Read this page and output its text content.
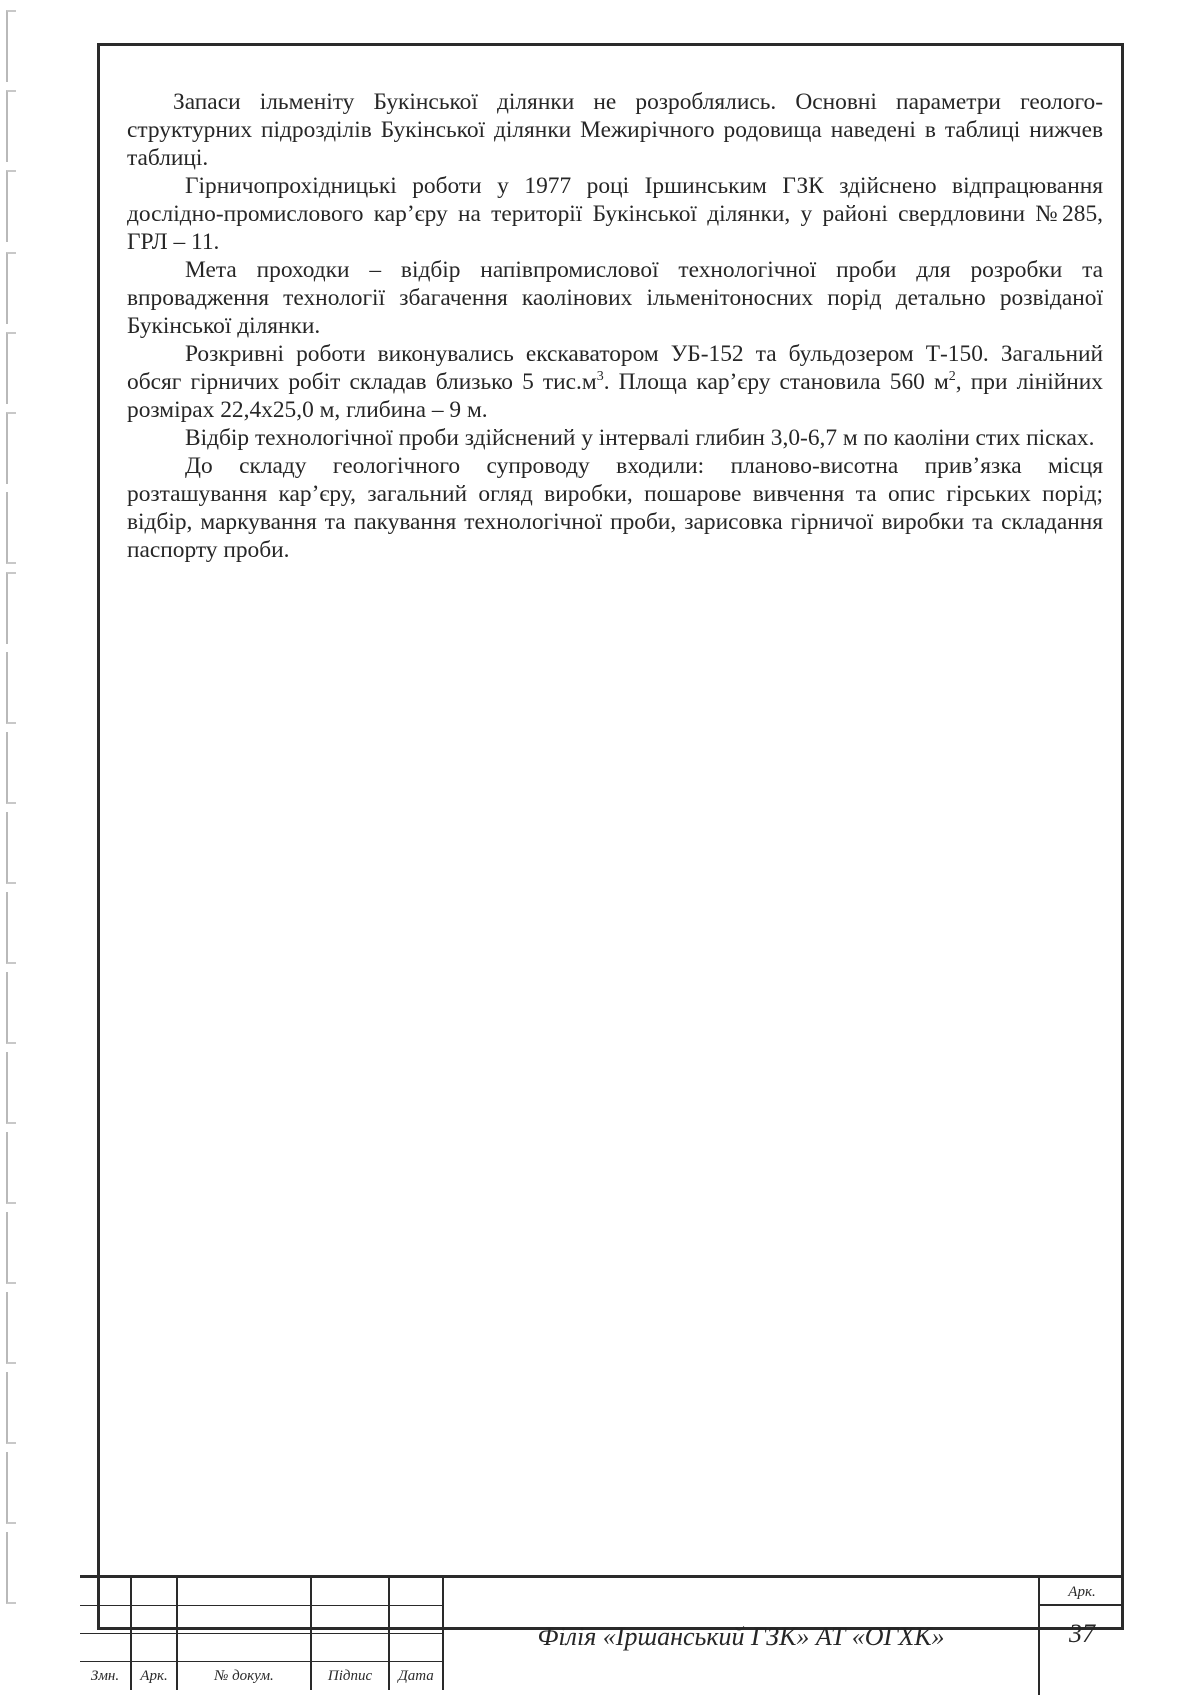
Запаси ільменіту Букінської ділянки не розроблялись. Основні параметри геолого-структурних підрозділів Букінської ділянки Межирічного родовища наведені в таблиці нижчев таблиці.

Гірничопрохідницькі роботи у 1977 році Іршинським ГЗК здійснено відпрацювання дослідно-промислового кар’єру на території Букінської ділянки, у районі свердловини №285, ГРЛ – 11.

Мета проходки – відбір напівпромислової технологічної проби для розробки та впровадження технології збагачення каолінових ільменітоносних порід детально розвіданої Букінської ділянки.

Розкривні роботи виконувались екскаватором УБ-152 та бульдозером Т-150. Загальний обсяг гірничих робіт складав близько 5 $тис.м^3$. Площа кар’єру становила 560 $м^2$, при лінійних розмірах 22,4х25,0 м, глибина – 9 м.

Відбір технологічної проби здійснений у інтервалі глибин 3,0-6,7 м по каоліни стих пісках.

До складу геологічного супроводу входили: планово-висотна прив’язка місця розташування кар’єру, загальний огляд виробки, пошарове вивчення та опис гірських порід; відбір, маркування та пакування технологічної проби, зарисовка гірничої виробки та складання паспорту проби.

Змн.	Арк.	№ докум.	Підпис	Дата
Філія «Іршанський ГЗК» АТ «ОГХК»
Арк.
37
